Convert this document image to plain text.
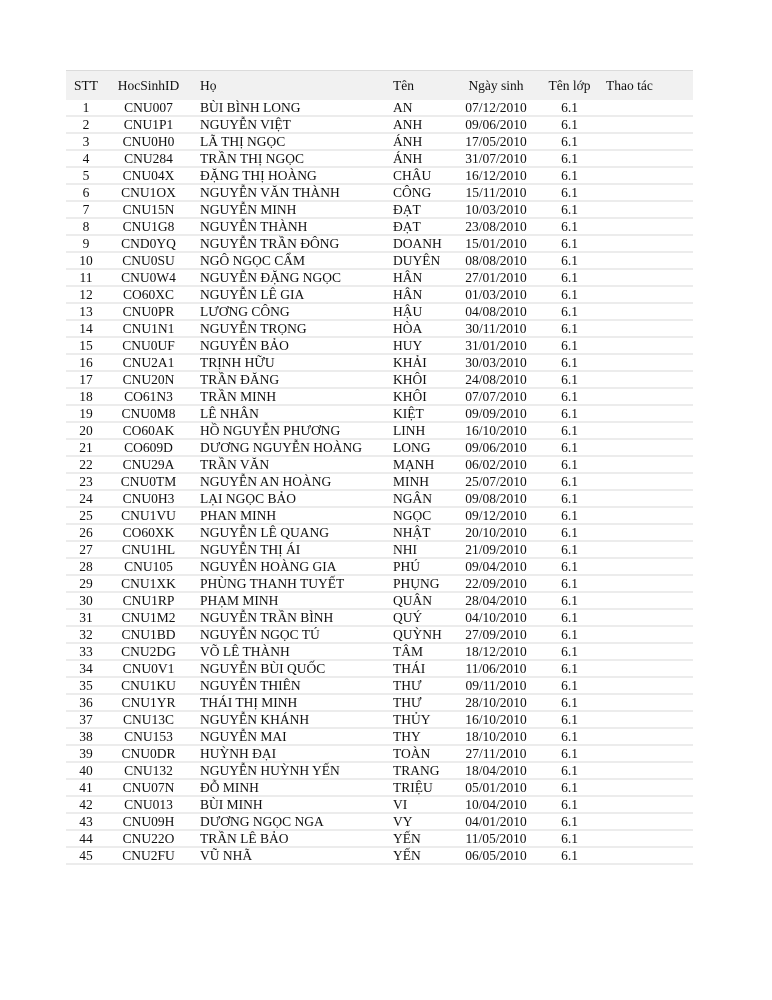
STT	HocSinhID	Họ	Tên	Ngày sinh	Tên lớp	Thao tác
1	CNU007	BÙI BÌNH LONG	AN	07/12/2010	6.1	
2	CNU1P1	NGUYỄN VIỆT	ANH	09/06/2010	6.1	
3	CNU0H0	LÃ THỊ NGỌC	ÁNH	17/05/2010	6.1	
4	CNU284	TRẦN THỊ NGỌC	ÁNH	31/07/2010	6.1	
5	CNU04X	ĐẶNG THỊ HOÀNG	CHÂU	16/12/2010	6.1	
6	CNU1OX	NGUYỄN VĂN THÀNH	CÔNG	15/11/2010	6.1	
7	CNU15N	NGUYỄN MINH	ĐẠT	10/03/2010	6.1	
8	CNU1G8	NGUYỄN THÀNH	ĐẠT	23/08/2010	6.1	
9	CND0YQ	NGUYỄN TRẦN ĐÔNG	DOANH	15/01/2010	6.1	
10	CNU0SU	NGÔ NGỌC CẨM	DUYÊN	08/08/2010	6.1	
11	CNU0W4	NGUYỄN ĐẶNG NGỌC	HÂN	27/01/2010	6.1	
12	CO60XC	NGUYỄN LÊ GIA	HÂN	01/03/2010	6.1	
13	CNU0PR	LƯƠNG CÔNG	HẬU	04/08/2010	6.1	
14	CNU1N1	NGUYỄN TRỌNG	HÒA	30/11/2010	6.1	
15	CNU0UF	NGUYỄN BẢO	HUY	31/01/2010	6.1	
16	CNU2A1	TRỊNH HỮU	KHẢI	30/03/2010	6.1	
17	CNU20N	TRẦN ĐĂNG	KHÔI	24/08/2010	6.1	
18	CO61N3	TRẦN MINH	KHÔI	07/07/2010	6.1	
19	CNU0M8	LÊ NHÂN	KIỆT	09/09/2010	6.1	
20	CO60AK	HỒ NGUYỄN PHƯƠNG	LINH	16/10/2010	6.1	
21	CO609D	DƯƠNG NGUYỄN HOÀNG	LONG	09/06/2010	6.1	
22	CNU29A	TRẦN VĂN	MẠNH	06/02/2010	6.1	
23	CNU0TM	NGUYỄN AN HOÀNG	MINH	25/07/2010	6.1	
24	CNU0H3	LẠI NGỌC BẢO	NGÂN	09/08/2010	6.1	
25	CNU1VU	PHAN MINH	NGỌC	09/12/2010	6.1	
26	CO60XK	NGUYỄN LÊ QUANG	NHẬT	20/10/2010	6.1	
27	CNU1HL	NGUYỄN THỊ ÁI	NHI	21/09/2010	6.1	
28	CNU105	NGUYỄN HOÀNG GIA	PHÚ	09/04/2010	6.1	
29	CNU1XK	PHÙNG THANH TUYẾT	PHỤNG	22/09/2010	6.1	
30	CNU1RP	PHẠM MINH	QUÂN	28/04/2010	6.1	
31	CNU1M2	NGUYỄN TRẦN BÌNH	QUÝ	04/10/2010	6.1	
32	CNU1BD	NGUYỄN NGỌC TÚ	QUỲNH	27/09/2010	6.1	
33	CNU2DG	VÕ LÊ THÀNH	TÂM	18/12/2010	6.1	
34	CNU0V1	NGUYỄN BÙI QUỐC	THÁI	11/06/2010	6.1	
35	CNU1KU	NGUYỄN THIÊN	THƯ	09/11/2010	6.1	
36	CNU1YR	THÁI THỊ MINH	THƯ	28/10/2010	6.1	
37	CNU13C	NGUYỄN KHÁNH	THỦY	16/10/2010	6.1	
38	CNU153	NGUYỄN MAI	THY	18/10/2010	6.1	
39	CNU0DR	HUỲNH ĐẠI	TOÀN	27/11/2010	6.1	
40	CNU132	NGUYỄN HUỲNH YẾN	TRANG	18/04/2010	6.1	
41	CNU07N	ĐỖ MINH	TRIỆU	05/01/2010	6.1	
42	CNU013	BÙI MINH	VI	10/04/2010	6.1	
43	CNU09H	DƯƠNG NGỌC NGA	VY	04/01/2010	6.1	
44	CNU22O	TRẦN LÊ BẢO	YẾN	11/05/2010	6.1	
45	CNU2FU	VŨ NHÃ	YẾN	06/05/2010	6.1	
